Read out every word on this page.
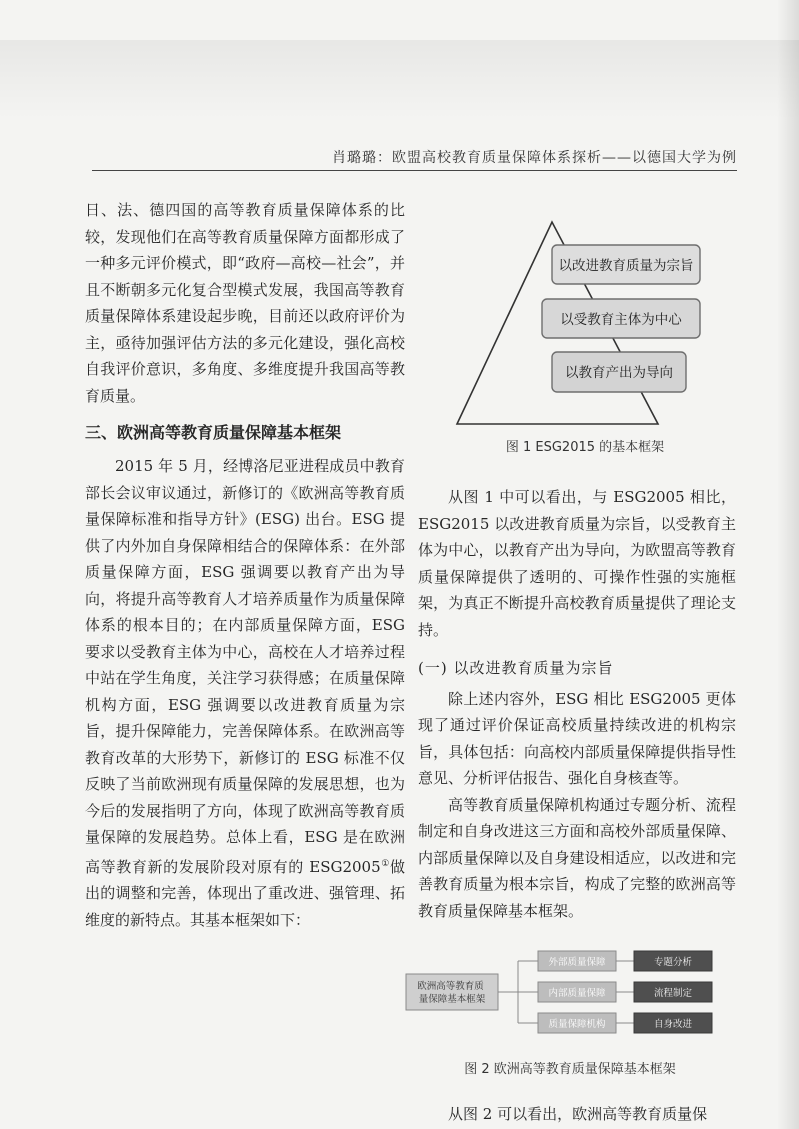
肖璐璐：欧盟高校教育质量保障体系探析——以德国大学为例

日、法、德四国的高等教育质量保障体系的比较，发现他们在高等教育质量保障方面都形成了一种多元评价模式，即“政府—高校—社会”，并且不断朝多元化复合型模式发展，我国高等教育质量保障体系建设起步晚，目前还以政府评价为主，亟待加强评估方法的多元化建设，强化高校自我评价意识，多角度、多维度提升我国高等教育质量。

三、欧洲高等教育质量保障基本框架

2015 年 5 月，经博洛尼亚进程成员中教育部长会议审议通过，新修订的《欧洲高等教育质量保障标准和指导方针》(ESG) 出台。ESG 提供了内外加自身保障相结合的保障体系：在外部质量保障方面，ESG 强调要以教育产出为导向，将提升高等教育人才培养质量作为质量保障体系的根本目的；在内部质量保障方面，ESG 要求以受教育主体为中心，高校在人才培养过程中站在学生角度，关注学习获得感；在质量保障机构方面，ESG 强调要以改进教育质量为宗旨，提升保障能力，完善保障体系。在欧洲高等教育改革的大形势下，新修订的 ESG 标准不仅反映了当前欧洲现有质量保障的发展思想，也为今后的发展指明了方向，体现了欧洲高等教育质量保障的发展趋势。总体上看，ESG 是在欧洲高等教育新的发展阶段对原有的 ESG2005①做出的调整和完善，体现出了重改进、强管理、拓维度的新特点。其基本框架如下：

以改进教育质量为宗旨
以受教育主体为中心
以教育产出为导向
图 1 ESG2015 的基本框架

从图 1 中可以看出，与 ESG2005 相比，ESG2015 以改进教育质量为宗旨，以受教育主体为中心，以教育产出为导向，为欧盟高等教育质量保障提供了透明的、可操作性强的实施框架，为真正不断提升高校教育质量提供了理论支持。

(一) 以改进教育质量为宗旨

除上述内容外，ESG 相比 ESG2005 更体现了通过评价保证高校质量持续改进的机构宗旨，具体包括：向高校内部质量保障提供指导性意见、分析评估报告、强化自身核查等。

高等教育质量保障机构通过专题分析、流程制定和自身改进这三方面和高校外部质量保障、内部质量保障以及自身建设相适应，以改进和完善教育质量为根本宗旨，构成了完整的欧洲高等教育质量保障基本框架。

欧洲高等教育质 量保障基本框架
外部质量保障
内部质量保障
质量保障机构
专题分析
流程制定
自身改进
图 2 欧洲高等教育质量保障基本框架

从图 2 可以看出，欧洲高等教育质量保
